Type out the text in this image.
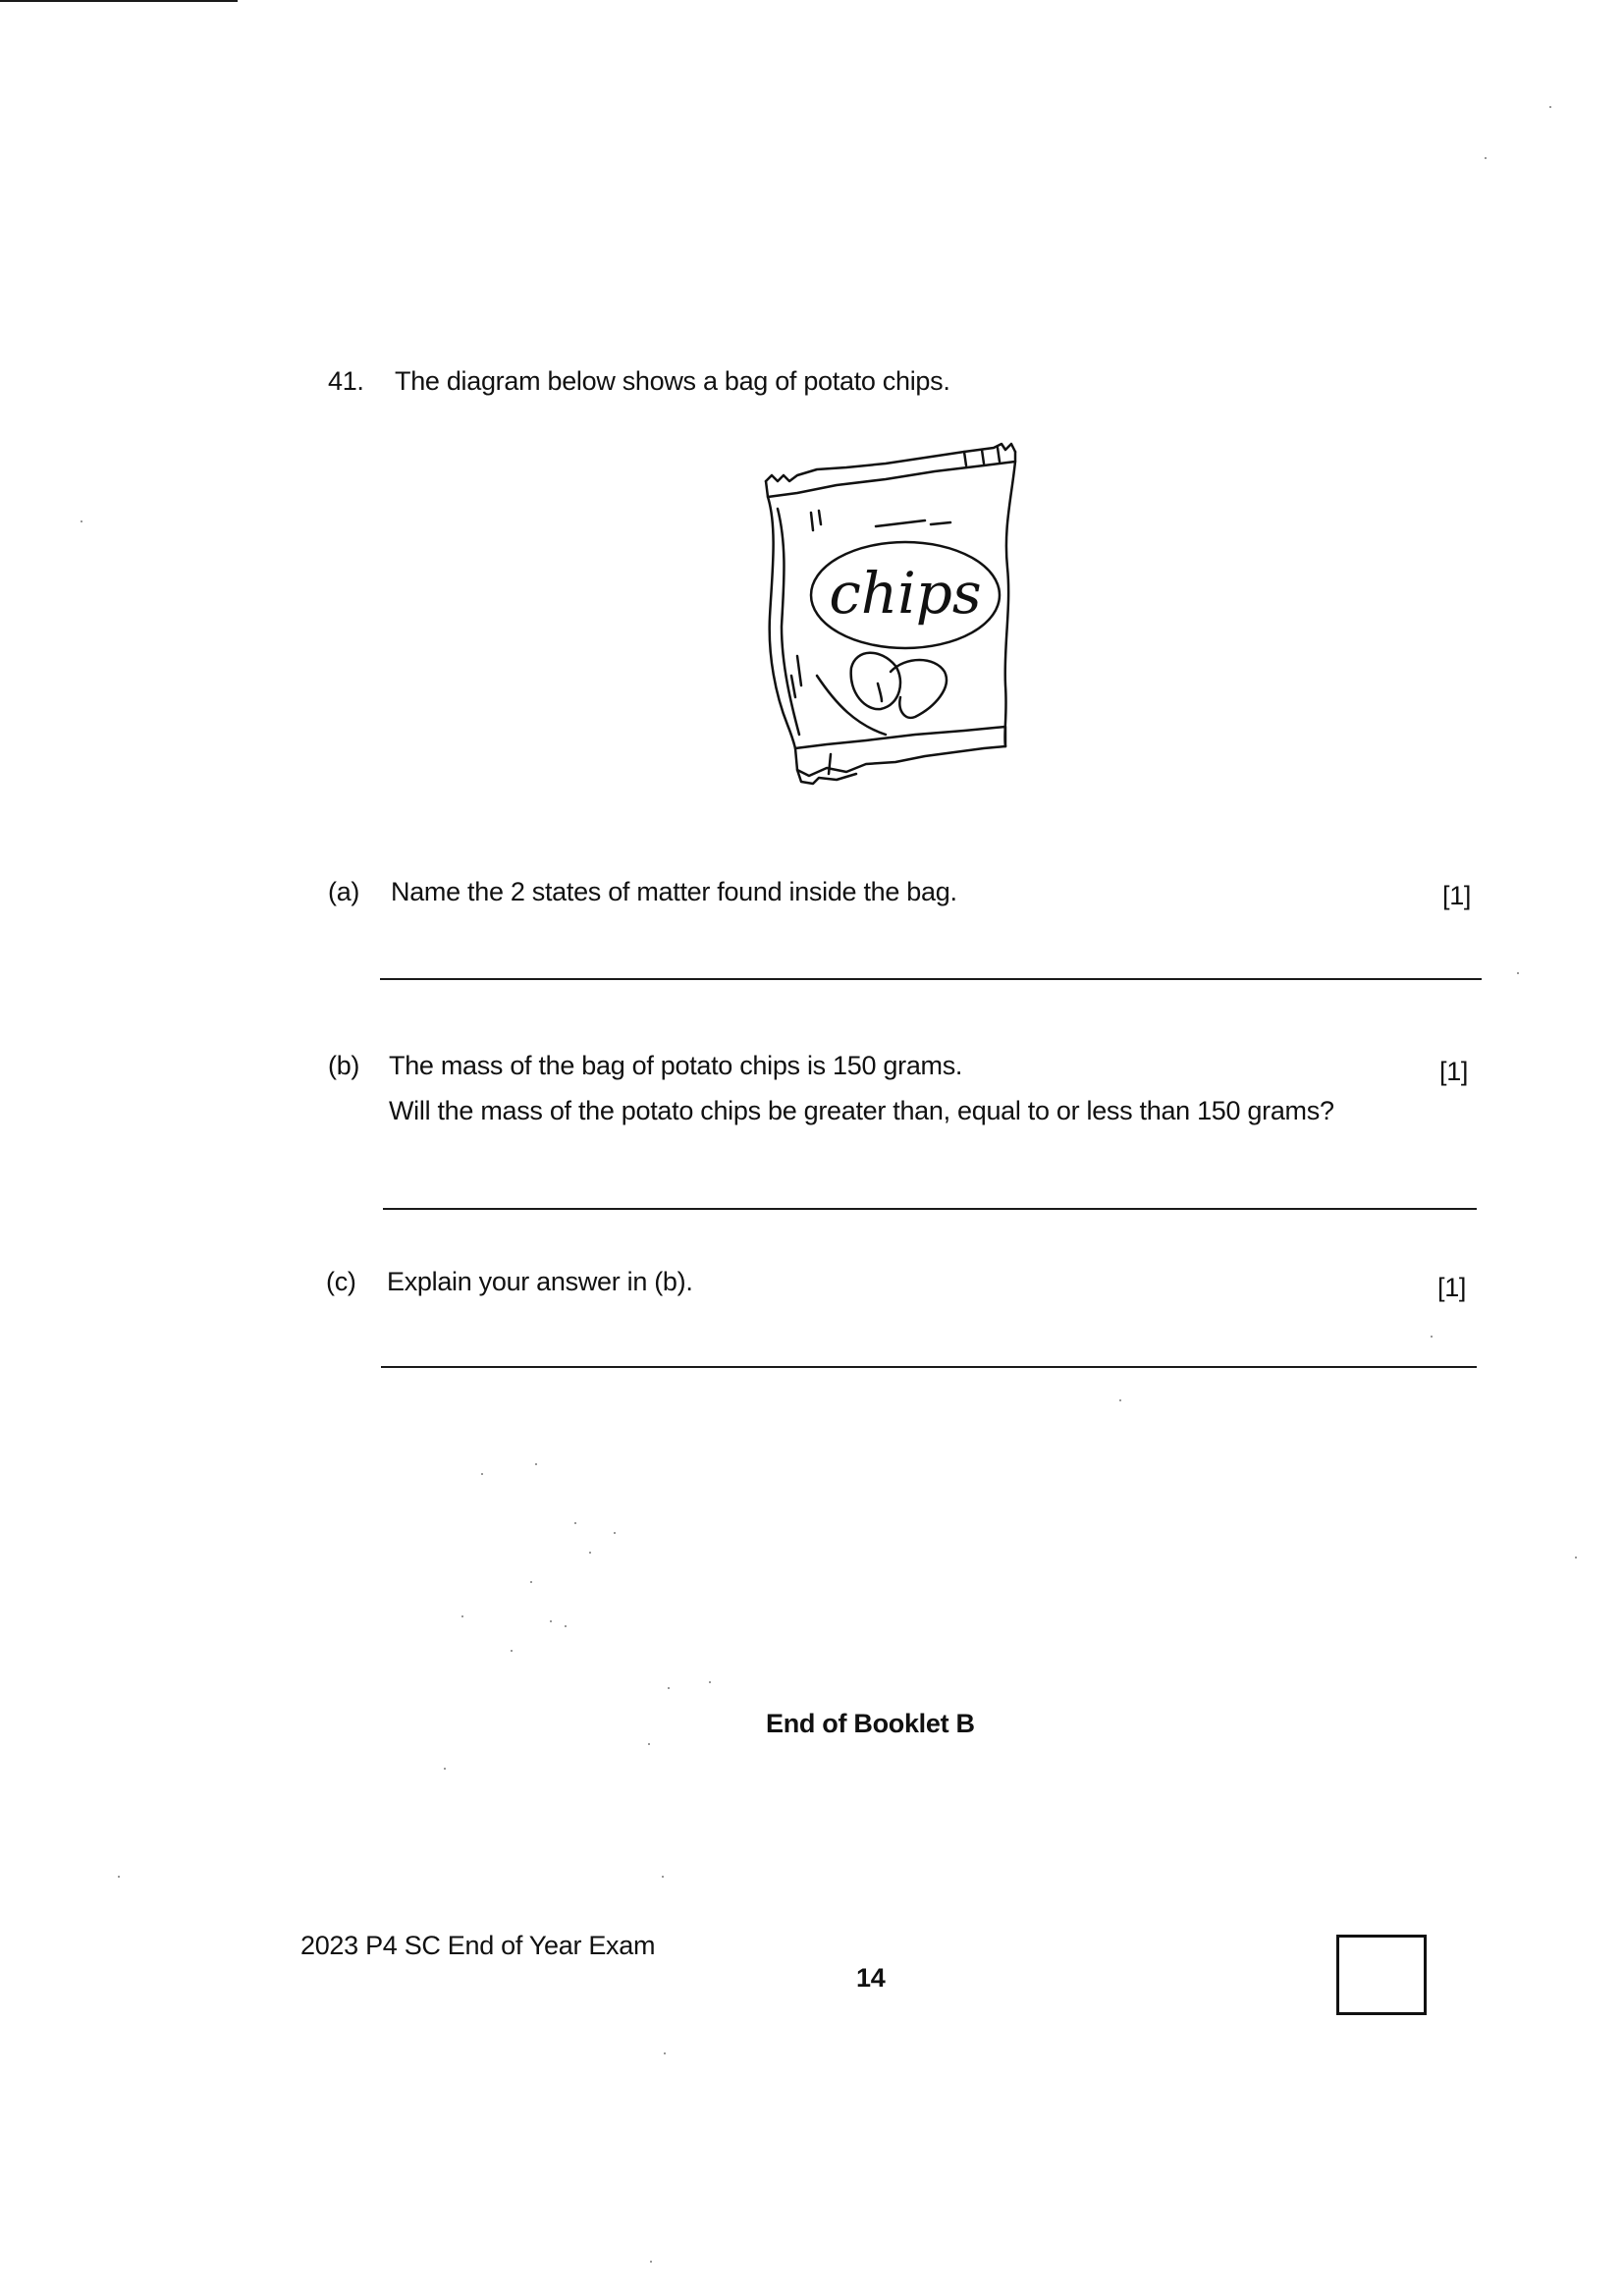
41. The diagram below shows a bag of potato chips.
chips
(a) Name the 2 states of matter found inside the bag.	[1]
(b) The mass of the bag of potato chips is 150 grams.	[1]
Will the mass of the potato chips be greater than, equal to or less than 150 grams?
(c) Explain your answer in (b).	[1]
End of Booklet B
2023 P4 SC End of Year Exam
14
